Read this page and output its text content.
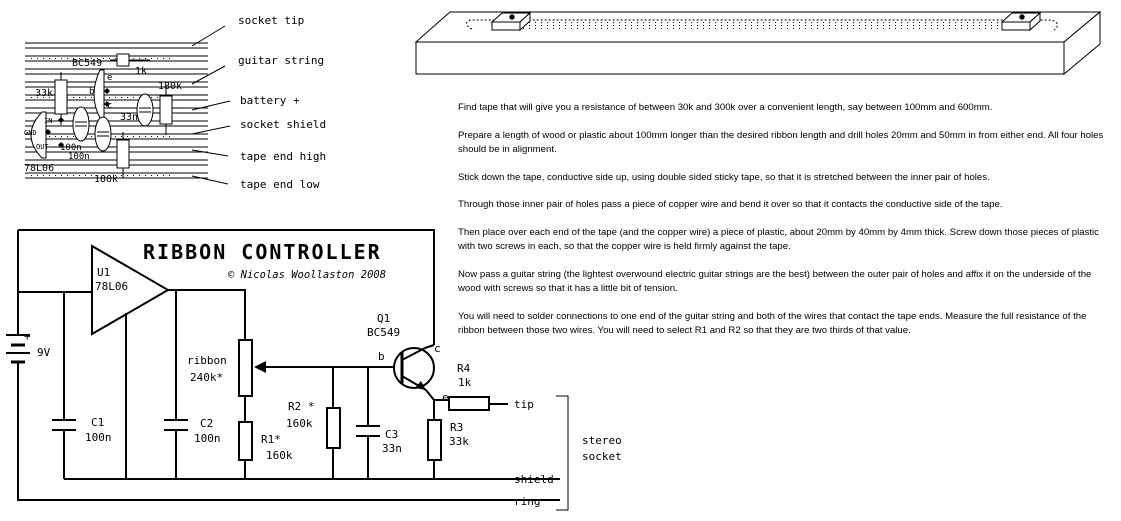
BC549
1k
180k
33k
33n
100n
100n
180k
78L06
e
b
c
IN
GND
OUT
socket tip
guitar string
battery +
socket shield
tape end high
tape end low
RIBBON CONTROLLER
© Nicolas Woollaston 2008
U1
78L06
+
9V
C1
100n
C2
100n
ribbon
240k*
R1*
160k
R2 *
160k
C3
33n
Q1
BC549
b
c
e
R4
1k
R3
33k
tip
shield
ring
stereo
socket

Find tape that will give you a resistance of between 30k and 300k over a convenient length, say between 100mm and 600mm.

Prepare a length of wood or plastic about 100mm longer than the desired ribbon length and drill holes 20mm and 50mm in from either end. All four holes should be in alignment.

Stick down the tape, conductive side up, using double sided sticky tape, so that it is stretched between the inner pair of holes.

Through those inner pair of holes pass a piece of copper wire and bend it over so that it contacts the conductive side of the tape.

Then place over each end of the tape (and the copper wire) a piece of plastic, about 20mm by 40mm by 4mm thick. Screw down those pieces of plastic with two screws in each, so that the copper wire is held firmly against the tape.

Now pass a guitar string (the lightest overwound electric guitar strings are the best) between the outer pair of holes and affix it on the underside of the wood with screws so that it has a little bit of tension.

You will need to solder connections to one end of the guitar string and both of the wires that contact the tape ends. Measure the full resistance of the ribbon between those two wires. You will need to select R1 and R2 so that they are two thirds of that value.
